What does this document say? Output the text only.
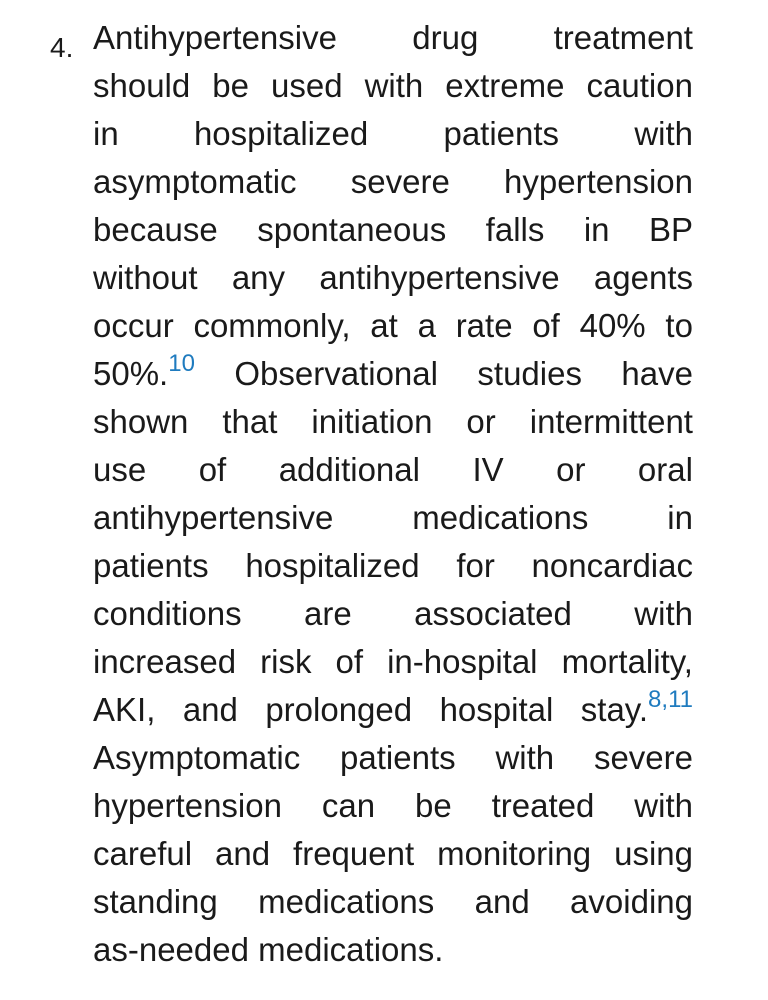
4. Antihypertensive drug treatment
should be used with extreme caution
in hospitalized patients with
asymptomatic severe hypertension
because spontaneous falls in BP
without any antihypertensive agents
occur commonly, at a rate of 40% to
50%.$^{10}$ Observational studies have
shown that initiation or intermittent
use of additional IV or oral
antihypertensive medications in
patients hospitalized for noncardiac
conditions are associated with
increased risk of in-hospital mortality,
AKI, and prolonged hospital stay.$^{8,11}$
Asymptomatic patients with severe
hypertension can be treated with
careful and frequent monitoring using
standing medications and avoiding
as-needed
medications.
